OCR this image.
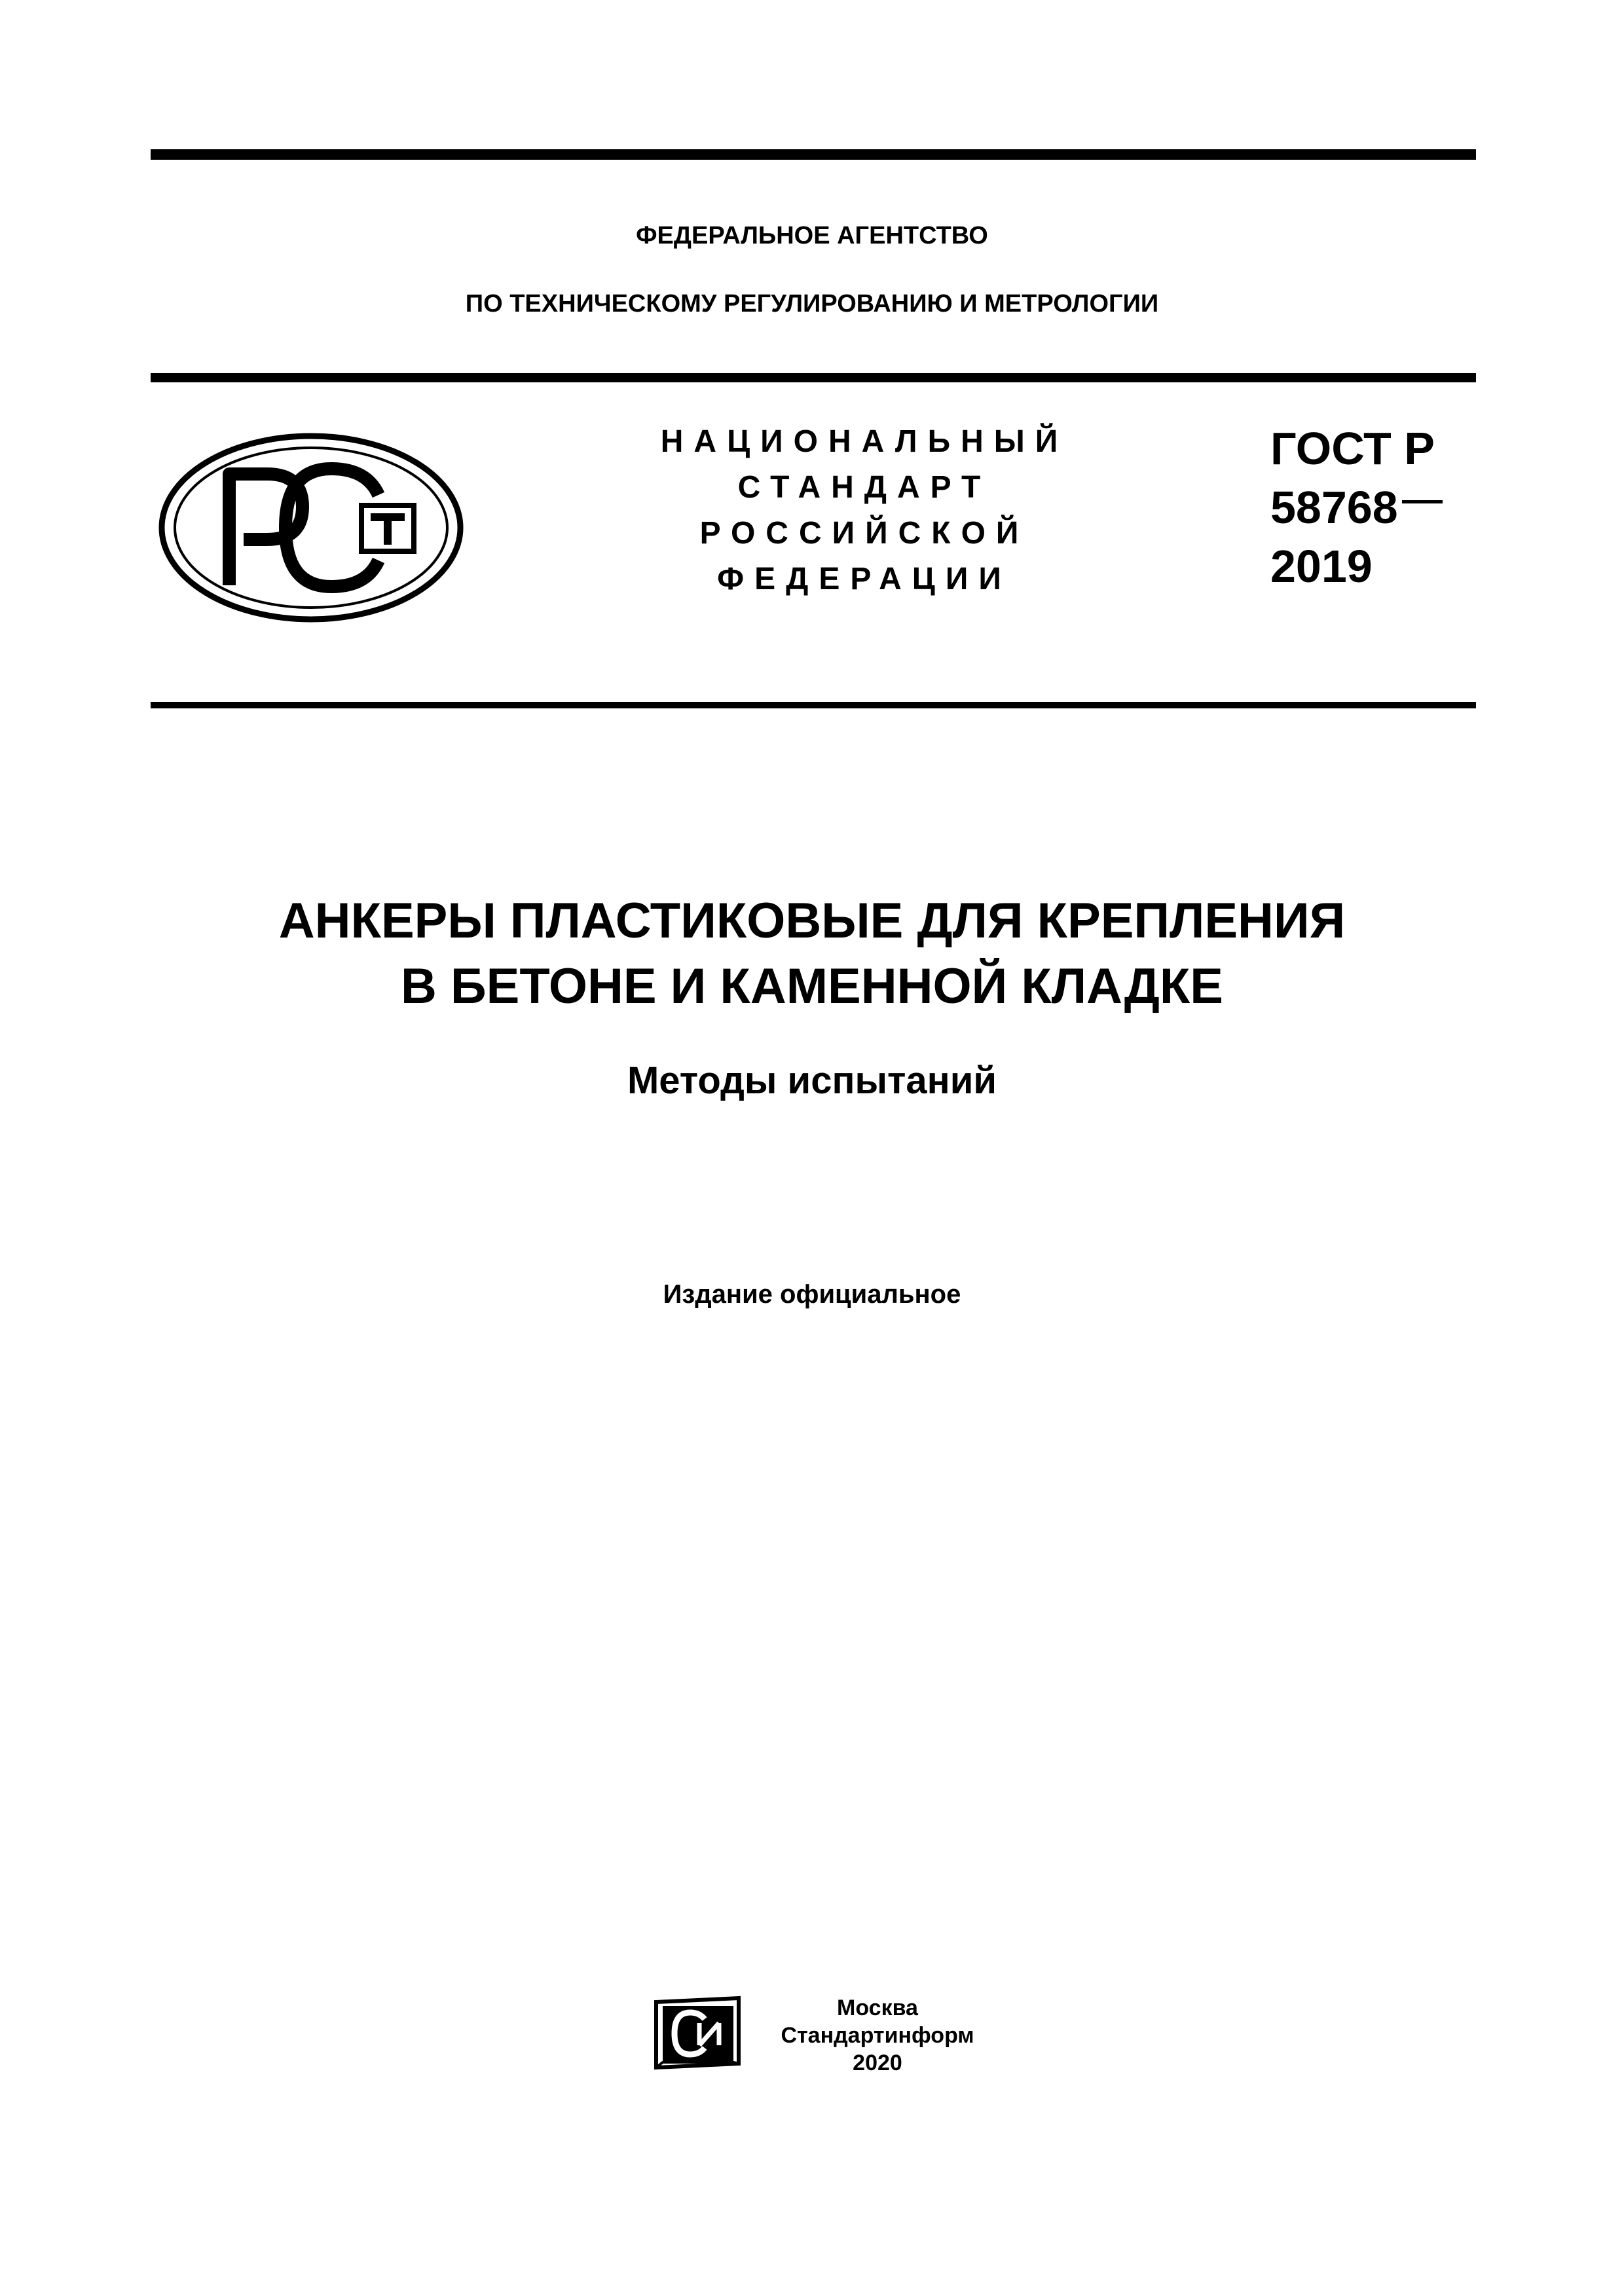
ФЕДЕРАЛЬНОЕ АГЕНТСТВО
ПО ТЕХНИЧЕСКОМУ РЕГУЛИРОВАНИЮ И МЕТРОЛОГИИ
НАЦИОНАЛЬНЫЙ
СТАНДАРТ
РОССИЙСКОЙ
ФЕДЕРАЦИИ
ГОСТ Р
58768
2019
АНКЕРЫ ПЛАСТИКОВЫЕ ДЛЯ КРЕПЛЕНИЯ
В БЕТОНЕ И КАМЕННОЙ КЛАДКЕ
Методы испытаний
Издание официальное
Москва
Стандартинформ
2020
